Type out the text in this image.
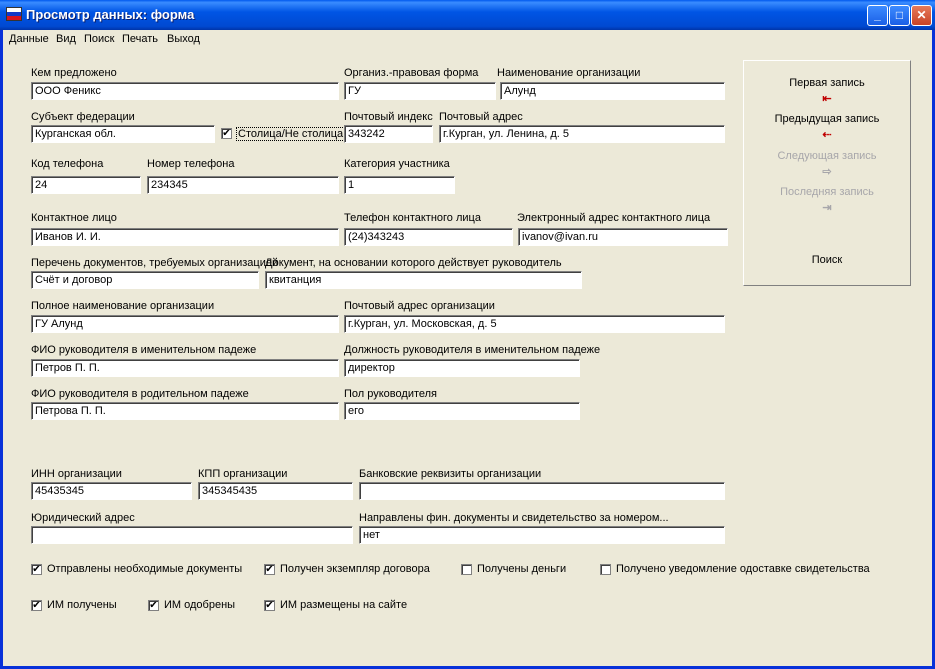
Просмотр данных: форма	_	□	✕
Данные Вид Поиск Печать Выход
Кем предложено
ООО Феникс
Организ.-правовая форма
ГУ
Наименование организации
Алунд
Субъект федерации
Курганская обл.	✔ Столица/Не столица
Почтовый индекс
343242
Почтовый адрес
г.Курган, ул. Ленина, д. 5
Код телефона
24
Номер телефона
234345
Категория участника
1
Контактное лицо
Иванов И. И.
Телефон контактного лица
(24)343243
Электронный адрес контактного лица
ivanov@ivan.ru
Перечень документов, требуемых организацией
Счёт и договор
Документ, на основании которого действует руководитель
квитанция
Полное наименование организации
ГУ Алунд
Почтовый адрес организации
г.Курган, ул. Московская, д. 5
ФИО руководителя в именительном падеже
Петров П. П.
Должность руководителя в именительном падеже
директор
ФИО руководителя в родительном падеже
Петрова П. П.
Пол руководителя
его
ИНН организации
45435345
КПП организации
345345435
Банковские реквизиты организации
Юридический адрес	Направлены фин. документы и свидетельство за номером...
нет
✔ Отправлены необходимые документы ✔ Получен экземпляр договора	Получены деньги	Получено уведомление одоставке свидетельства
✔ ИМ получены	✔ ИМ одобрены	✔ ИМ размещены на сайте
Первая запись
⇤
Предыдущая запись
⇠
Следующая запись
⇨
Последняя запись
⇥
Поиск
